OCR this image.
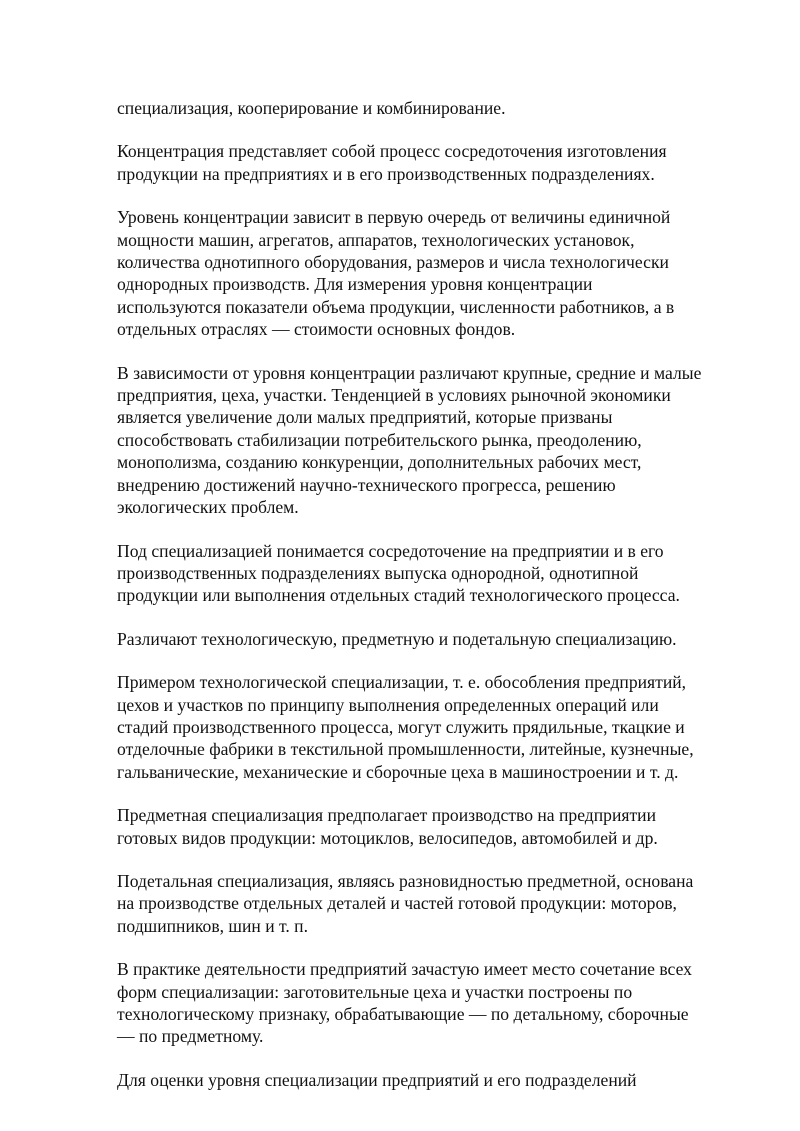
специализация, кооперирование и комбинирование.

Концентрация представляет собой процесс сосредоточения изготовления
продукции на предприятиях и в его производственных подразделениях.

Уровень концентрации зависит в первую очередь от величины единичной
мощности машин, агрегатов, аппаратов, технологических установок,
количества однотипного оборудования, размеров и числа технологически
однородных производств. Для измерения уровня концентрации
используются показатели объема продукции, численности работников, а в
отдельных отраслях — стоимости основных фондов.

В зависимости от уровня концентрации различают крупные, средние и малые
предприятия, цеха, участки. Тенденцией в условиях рыночной экономики
является увеличение доли малых предприятий, которые призваны
способствовать стабилизации потребительского рынка, преодолению,
монополизма, созданию конкуренции, дополнительных рабочих мест,
внедрению достижений научно-технического прогресса, решению
экологических проблем.

Под специализацией понимается сосредоточение на предприятии и в его
производственных подразделениях выпуска однородной, однотипной
продукции или выполнения отдельных стадий технологического процесса.

Различают технологическую, предметную и подетальную специализацию.

Примером технологической специализации, т. е. обособления предприятий,
цехов и участков по принципу выполнения определенных операций или
стадий производственного процесса, могут служить прядильные, ткацкие и
отделочные фабрики в текстильной промышленности, литейные, кузнечные,
гальванические, механические и сборочные цеха в машиностроении и т. д.

Предметная специализация предполагает производство на предприятии
готовых видов продукции: мотоциклов, велосипедов, автомобилей и др.

Подетальная специализация, являясь разновидностью предметной, основана
на производстве отдельных деталей и частей готовой продукции: моторов,
подшипников, шин и т. п.

В практике деятельности предприятий зачастую имеет место сочетание всех
форм специализации: заготовительные цеха и участки построены по
технологическому признаку, обрабатывающие — по детальному, сборочные
— по предметному.

Для оценки уровня специализации предприятий и его подразделений
